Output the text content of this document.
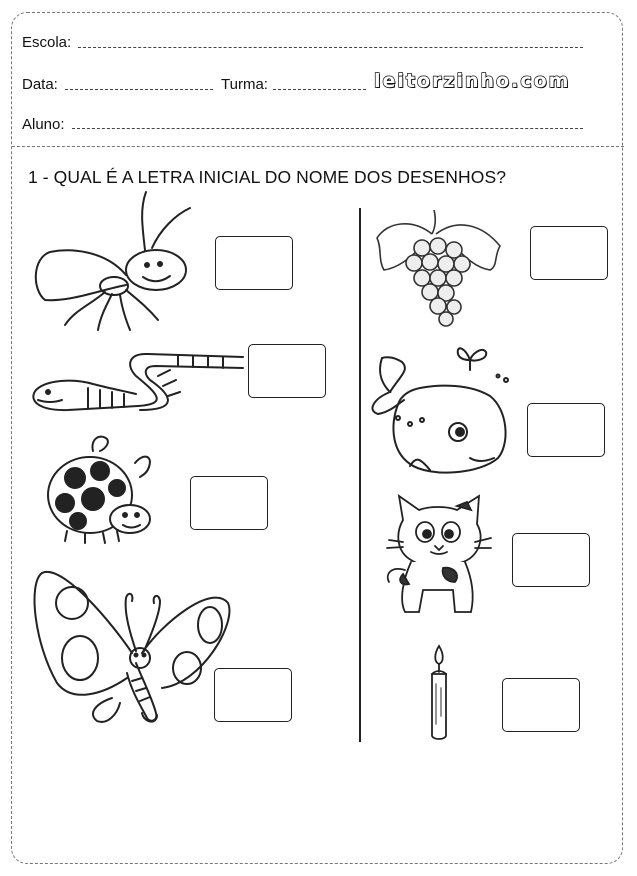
Escola:
Data:	Turma:	leitorzinho.com
Aluno:
1 - QUAL É A LETRA INICIAL DO NOME DOS DESENHOS?
